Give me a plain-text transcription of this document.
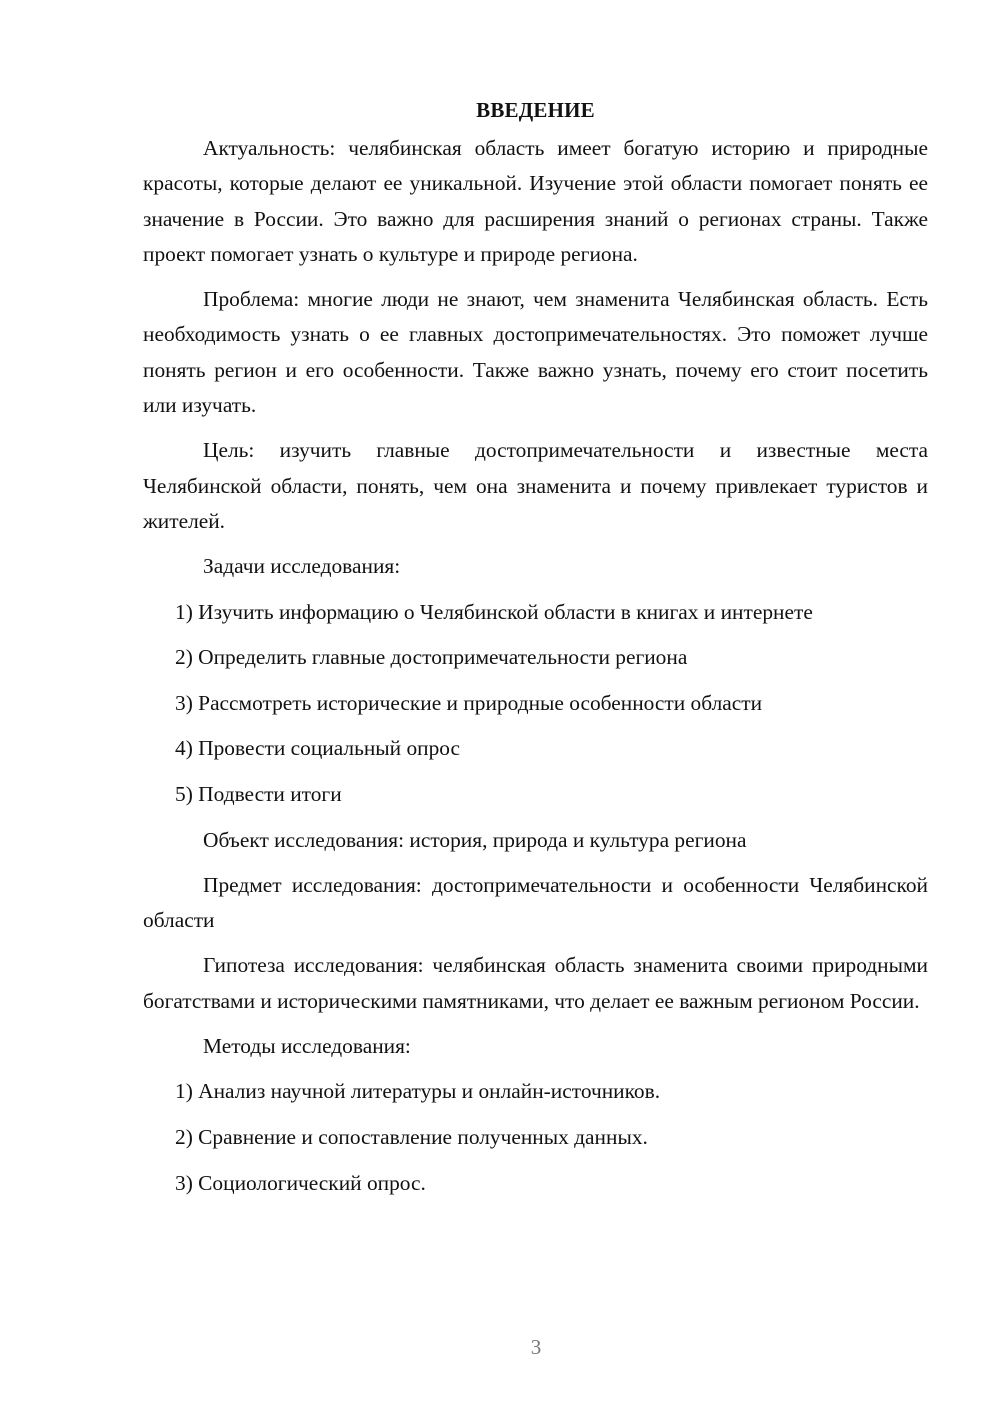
ВВЕДЕНИЕ

Актуальность: челябинская область имеет богатую историю и природные красоты, которые делают ее уникальной. Изучение этой области помогает понять ее значение в России. Это важно для расширения знаний о регионах страны. Также проект помогает узнать о культуре и природе региона.

Проблема: многие люди не знают, чем знаменита Челябинская область. Есть необходимость узнать о ее главных достопримечательностях. Это поможет лучше понять регион и его особенности. Также важно узнать, почему его стоит посетить или изучать.

Цель: изучить главные достопримечательности и известные места Челябинской области, понять, чем она знаменита и почему привлекает туристов и жителей.

Задачи исследования:

1) Изучить информацию о Челябинской области в книгах и интернете
2) Определить главные достопримечательности региона
3) Рассмотреть исторические и природные особенности области
4) Провести социальный опрос
5) Подвести итоги

Объект исследования: история, природа и культура региона

Предмет исследования: достопримечательности и особенности Челябинской области

Гипотеза исследования: челябинская область знаменита своими природными богатствами и историческими памятниками, что делает ее важным регионом России.

Методы исследования:

1) Анализ научной литературы и онлайн-источников.
2) Сравнение и сопоставление полученных данных.
3) Социологический опрос.
3
